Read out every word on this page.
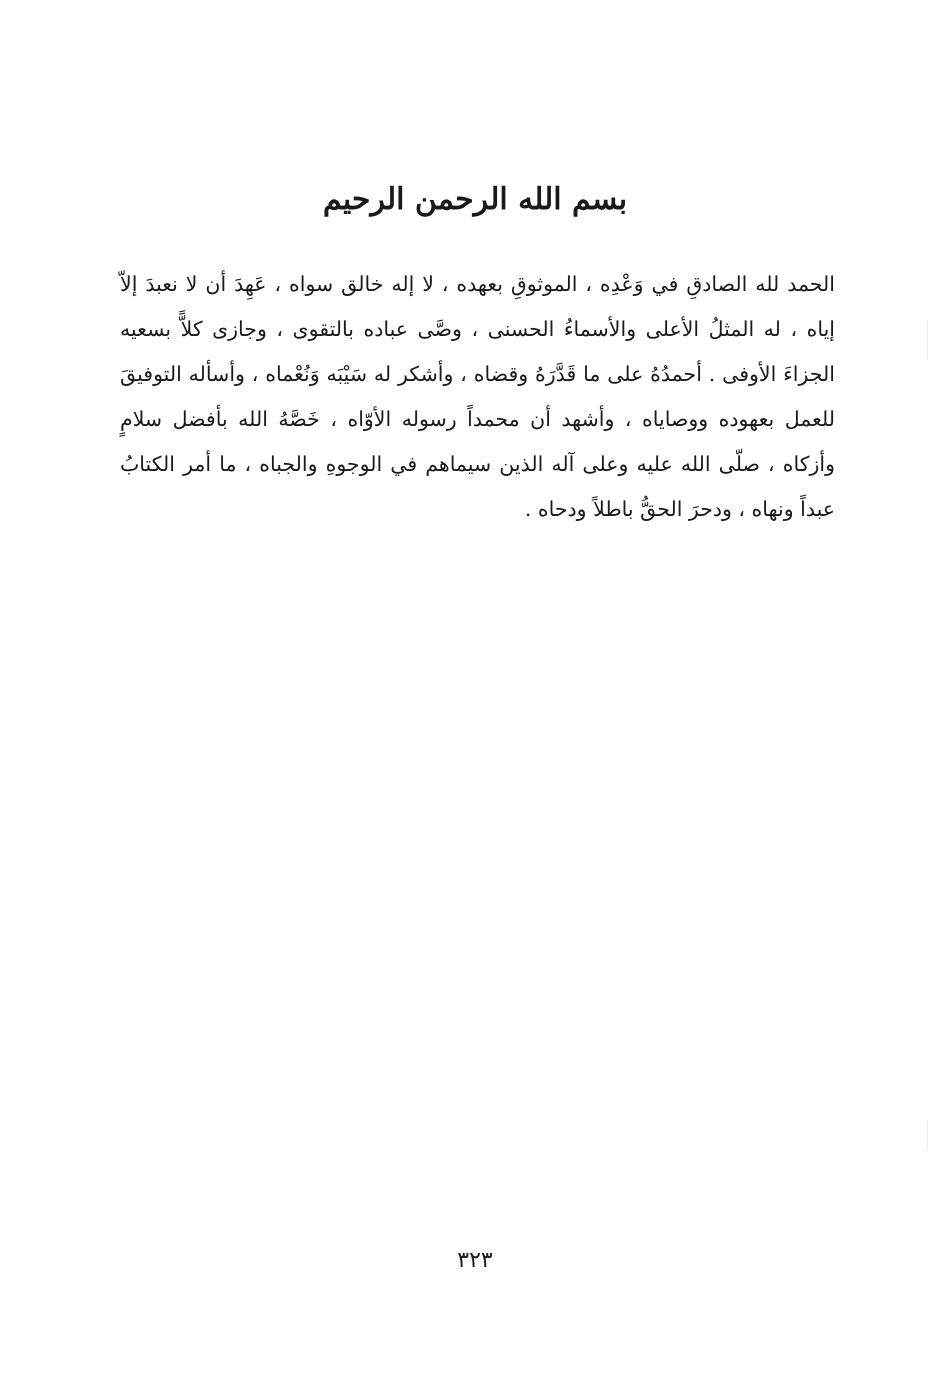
بسم الله الرحمن الرحيم

الحمد لله الصادقِ في وَعْدِه ، الموثوقِ بعهده ، لا إله خالق سواه ، عَهِدَ أن لا نعبدَ إلاّ إياه ، له المثلُ الأعلى والأسماءُ الحسنى ، وصَّى عباده بالتقوى ، وجازى كلاًّ بسعيه الجزاءَ الأوفى . أحمدُهُ على ما قَدَّرَهُ وقضاه ، وأشكر له سَيْبَه وَنُعْماه ، وأسأله التوفيقَ للعمل بعهوده ووصاياه ، وأشهد أن محمداً رسوله الأوّاه ، خَصَّهُ الله بأفضل سلامٍ وأزكاه ، صلّى الله عليه وعلى آله الذين سيماهم في الوجوهِ والجباه ، ما أمر الكتابُ عبداً ونهاه ، ودحرَ الحقُّ باطلاً ودحاه .

٣٢٣
